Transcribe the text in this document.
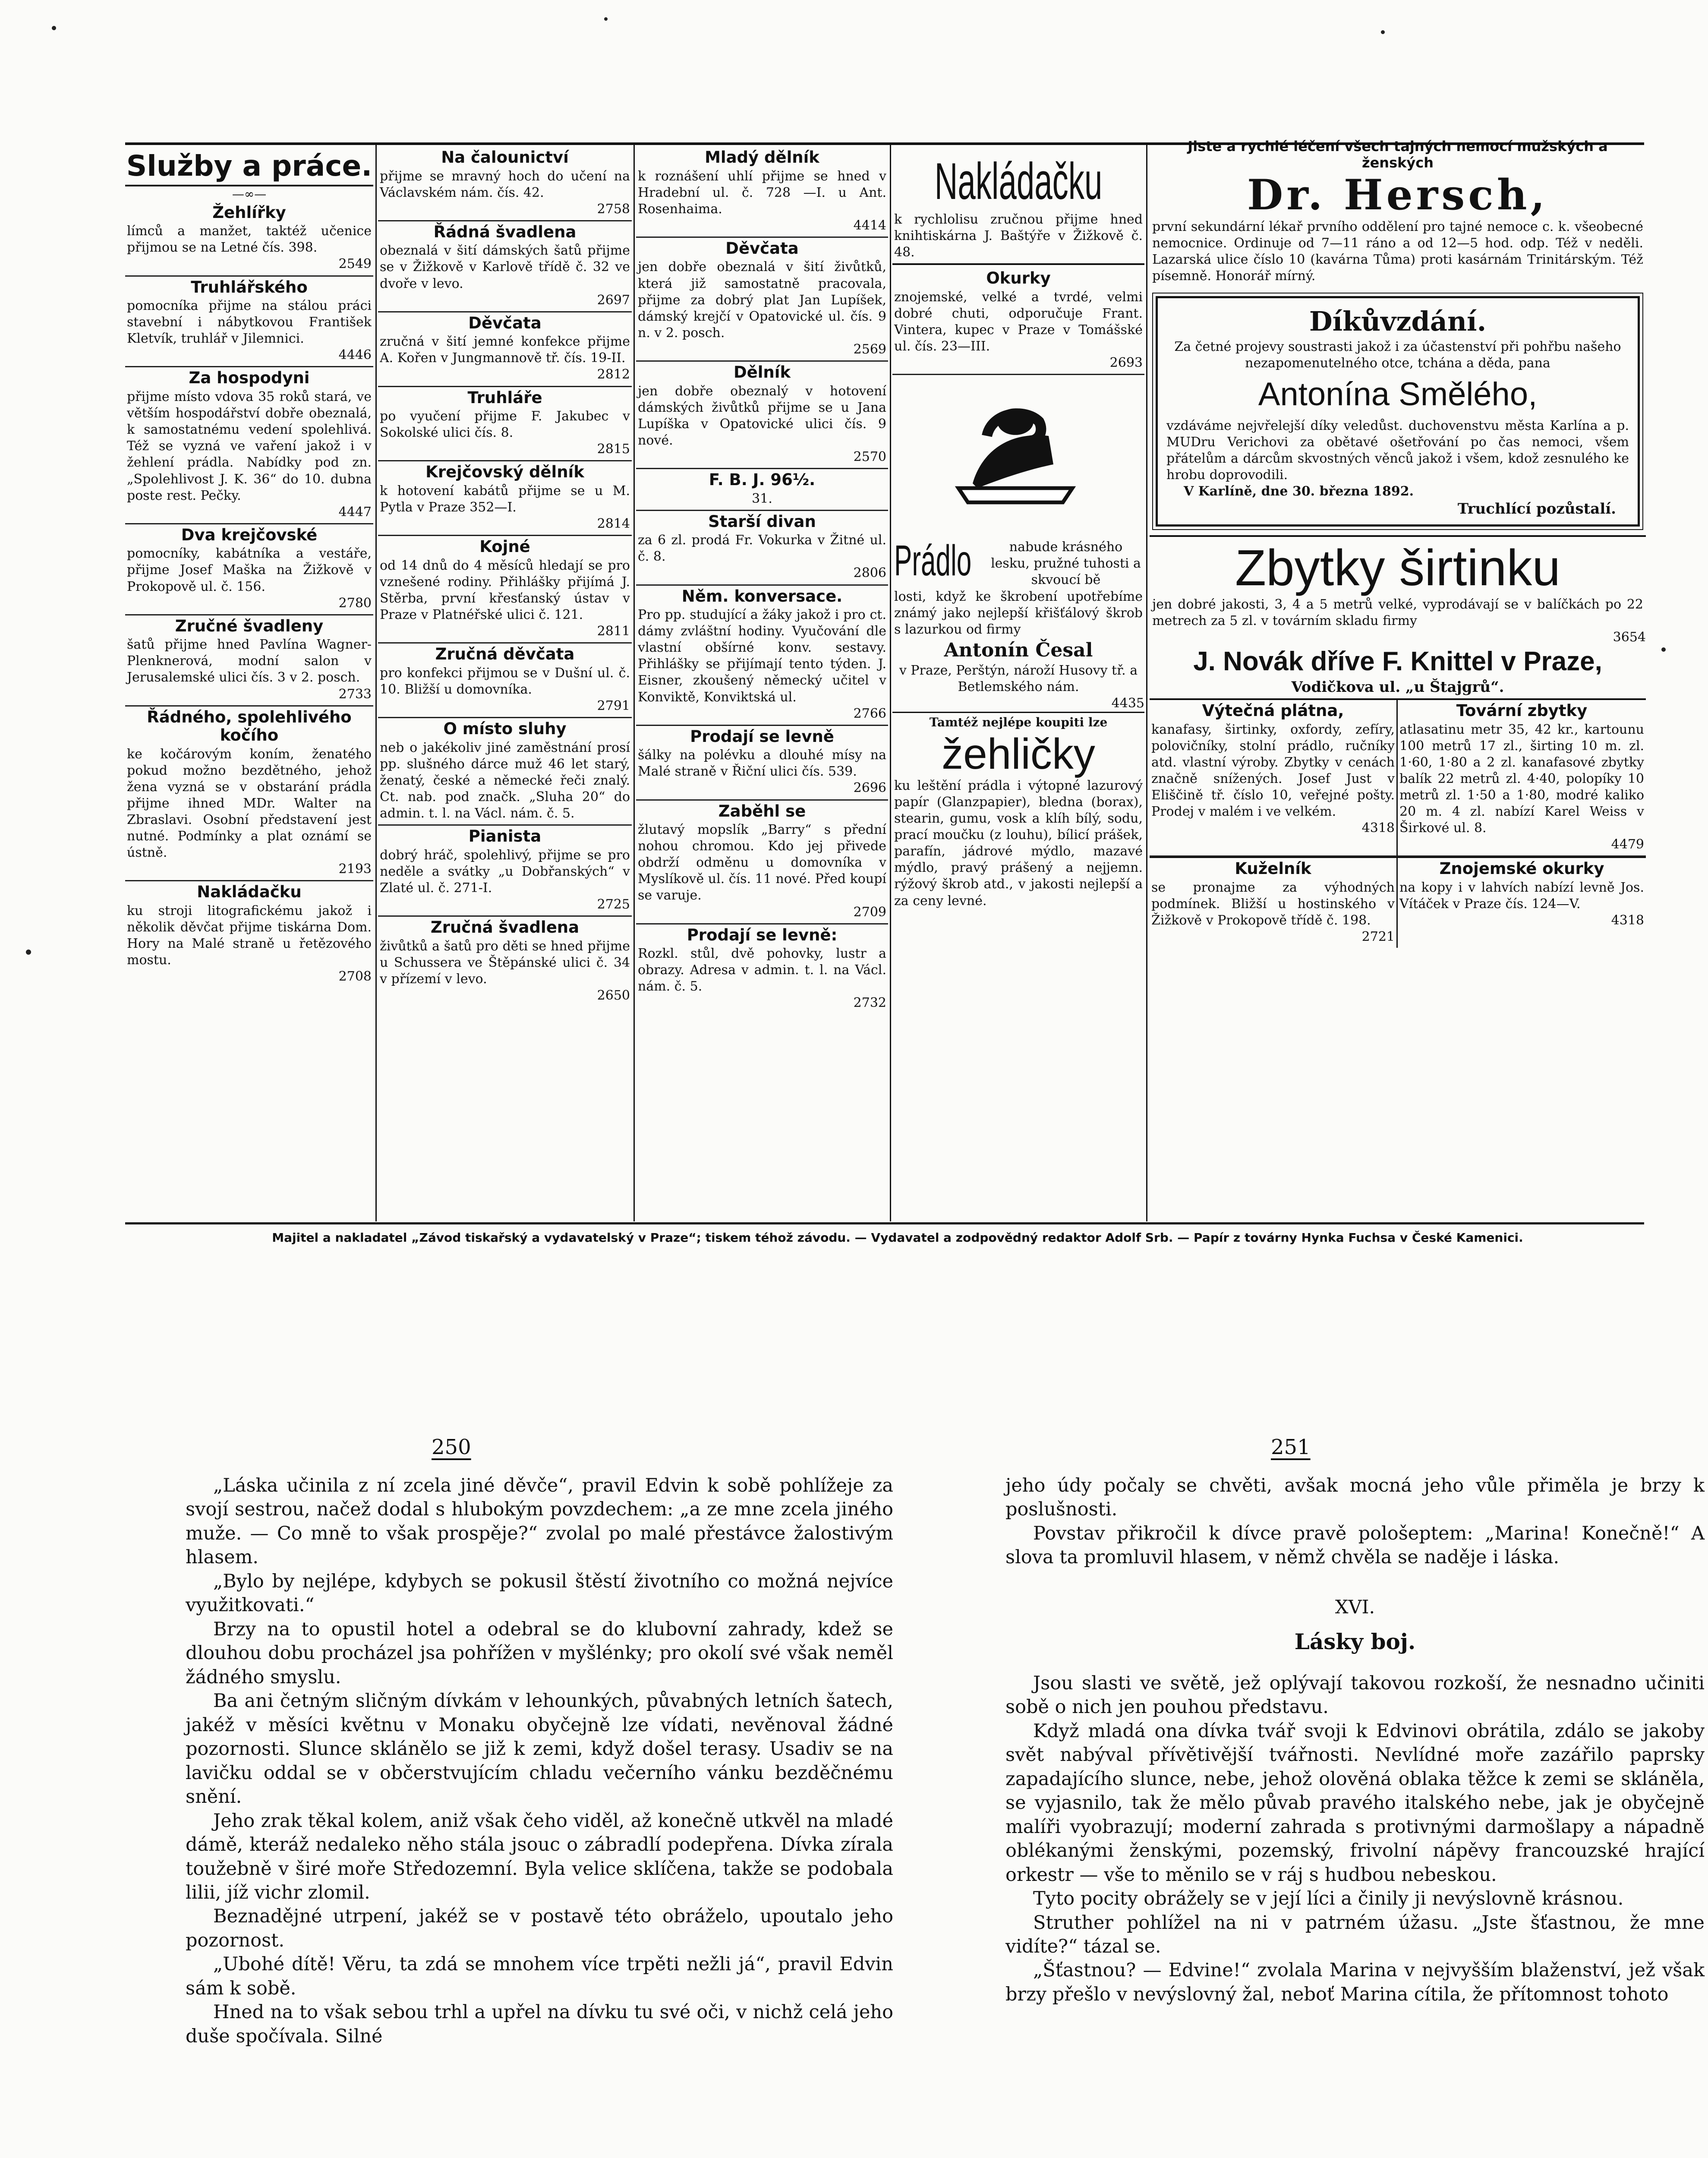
Služby a práce.
—∞—
Žehlířky

límců a manžet, taktéž učenice přijmou se na Letné čís. 398.

2549
Truhlářského

pomocníka přijme na stálou práci stavební i nábytkovou František Kletvík, truhlář v Jilemnici.

4446
Za hospodyni

přijme místo vdova 35 roků stará, ve větším hospodářství dobře obeznalá, k samostatnému vedení spolehlivá. Též se vyzná ve vaření jakož i v žehlení prádla. Nabídky pod zn. „Spolehlivost J. K. 36“ do 10. dubna poste rest. Pečky.

4447
Dva krejčovské

pomocníky, kabátníka a vestáře, přijme Josef Maška na Žižkově v Prokopově ul. č. 156.

2780
Zručné švadleny

šatů přijme hned Pavlína Wagner-Plenknerová, modní salon v Jerusalemské ulici čís. 3 v 2. posch.

2733
Řádného, spolehlivého kočího

ke kočárovým koním, ženatého pokud možno bezdětného, jehož žena vyzná se v obstarání prádla přijme ihned MDr. Walter na Zbraslavi. Osobní představení jest nutné. Podmínky a plat oznámí se ústně.

2193
Nakládačku

ku stroji litografickému jakož i několik děvčat přijme tiskárna Dom. Hory na Malé straně u řetězového mostu.

2708
Na čalounictví

přijme se mravný hoch do učení na Václavském nám. čís. 42.

2758
Řádná švadlena

obeznalá v šití dámských šatů přijme se v Žižkově v Karlově třídě č. 32 ve dvoře v levo.

2697
Děvčata

zručná v šití jemné konfekce přijme A. Kořen v Jungmannově tř. čís. 19-II.

2812
Truhláře

po vyučení přijme F. Jakubec v Sokolské ulici čís. 8.

2815
Krejčovský dělník

k hotovení kabátů přijme se u M. Pytla v Praze 352—I.

2814
Kojné

od 14 dnů do 4 měsíců hledají se pro vznešené rodiny. Přihlášky přijímá J. Stěrba, první křesťanský ústav v Praze v Platnéřské ulici č. 121.

2811
Zručná děvčata

pro konfekci přijmou se v Dušní ul. č. 10. Bližší u domovníka.

2791
O místo sluhy

neb o jakékoliv jiné zaměstnání prosí pp. slušného dárce muž 46 let starý, ženatý, české a německé řeči znalý. Ct. nab. pod značk. „Sluha 20“ do admin. t. l. na Václ. nám. č. 5.

Pianista

dobrý hráč, spolehlivý, přijme se pro neděle a svátky „u Dobřanských“ v Zlaté ul. č. 271-I.

2725
Zručná švadlena

živůtků a šatů pro děti se hned přijme u Schussera ve Štěpánské ulici č. 34 v přízemí v levo.

2650
Mladý dělník

k roznášení uhlí přijme se hned v Hradební ul. č. 728 —I. u Ant. Rosenhaima.

4414
Děvčata

jen dobře obeznalá v šití živůtků, která již samostatně pracovala, přijme za dobrý plat Jan Lupíšek, dámský krejčí v Opatovické ul. čís. 9 n. v 2. posch.

2569
Dělník

jen dobře obeznalý v hotovení dámských živůtků přijme se u Jana Lupíška v Opatovické ulici čís. 9 nové.

2570
F. B. J. 96½.

31.

Starší divan

za 6 zl. prodá Fr. Vokurka v Žitné ul. č. 8.

2806
Něm. konversace.

Pro pp. studující a žáky jakož i pro ct. dámy zvláštní hodiny. Vyučování dle vlastní obšírné konv. sestavy. Přihlášky se přijímají tento týden. J. Eisner, zkoušený německý učitel v Konviktě, Konviktská ul.

2766
Prodají se levně

šálky na polévku a dlouhé mísy na Malé straně v Řiční ulici čís. 539.

2696
Zaběhl se

žlutavý mopslík „Barry“ s přední nohou chromou. Kdo jej přivede obdrží odměnu u domovníka v Myslíkově ul. čís. 11 nové. Před koupí se varuje.

2709
Prodají se levně:

Rozkl. stůl, dvě pohovky, lustr a obrazy. Adresa v admin. t. l. na Václ. nám. č. 5.

2732
Nakládačku

k rychlolisu zručnou přijme hned knihtiskárna J. Baštýře v Žižkově č. 48.

Okurky

znojemské, velké a tvrdé, velmi dobré chuti, odporučuje Frant. Vintera, kupec v Praze v Tomášské ul. čís. 23—III.

2693
Prádlo	nabude krásného lesku, pružné tuhosti a skvoucí bě

losti, když ke škrobení upotřebíme známý jako nejlepší křišťálový škrob s lazurkou od firmy

Antonín Česal

v Praze, Perštýn, nároží Husovy tř. a Betlemského nám.

4435

Tamtéž nejlépe koupiti lze

žehličky

ku leštění prádla i výtopné lazurový papír (Glanzpapier), bledna (borax), stearin, gumu, vosk a klíh bílý, sodu, prací moučku (z louhu), bílicí prášek, parafín, jádrové mýdlo, mazavé mýdlo, pravý prášený a nejjemn. rýžový škrob atd., v jakosti nejlepší a za ceny levné.

Jiste a rychlé léčení všech tajných nemocí mužských a ženských
Dr. Hersch,

první sekundární lékař prvního oddělení pro tajné nemoce c. k. všeobecné nemocnice. Ordinuje od 7—11 ráno a od 12—5 hod. odp. Též v neděli. Lazarská ulice číslo 10 (kavárna Tůma) proti kasárnám Trinitárským. Též písemně. Honorář mírný.

Díkůvzdání.

Za četné projevy soustrasti jakož i za účastenství při pohřbu našeho nezapomenutelného otce, tchána a děda, pana

Antonína Smělého,

vzdáváme nejvřelejší díky veledůst. duchovenstvu města Karlína a p. MUDru Verichovi za obětavé ošetřování po čas nemoci, všem přátelům a dárcům skvostných věnců jakož i všem, kdož zesnulého ke hrobu doprovodili.

V Karlíně, dne 30. března 1892.

Truchlící pozůstalí.

Zbytky širtinku

jen dobré jakosti, 3, 4 a 5 metrů velké, vyprodávají se v balíčkách po 22 metrech za 5 zl. v továrním skladu firmy

3654
J. Novák dříve F. Knittel v Praze,
Vodičkova ul. „u Štajgrů“.
Výtečná plátna,

kanafasy, širtinky, oxfordy, zefíry, polovičníky, stolní prádlo, ručníky atd. vlastní výroby. Zbytky v cenách značně snížených. Josef Just v Eliščině tř. číslo 10, veřejné pošty. Prodej v malém i ve velkém.

4318
Tovární zbytky

atlasatinu metr 35, 42 kr., kartounu 100 metrů 17 zl., širting 10 m. zl. 1·60, 1·80 a 2 zl. kanafasové zbytky balík 22 metrů zl. 4·40, polopíky 10 metrů zl. 1·50 a 1·80, modré kaliko 20 m. 4 zl. nabízí Karel Weiss v Širkové ul. 8.

4479
Kuželník

se pronajme za výhodných podmínek. Bližší u hostinského v Žižkově v Prokopově třídě č. 198.

2721
Znojemské okurky

na kopy i v lahvích nabízí levně Jos. Vítáček v Praze čís. 124—V.

4318
Majitel a nakladatel „Závod tiskařský a vydavatelský v Praze“; tiskem téhož závodu. — Vydavatel a zodpovědný redaktor Adolf Srb. — Papír z továrny Hynka Fuchsa v České Kamenici.
250	251

„Láska učinila z ní zcela jiné děvče“, pravil Edvin k sobě pohlížeje za svojí sestrou, načež dodal s hlubokým povzdechem: „a ze mne zcela jiného muže. — Co mně to však prospěje?“ zvolal po malé přestávce žalostivým hlasem.

„Bylo by nejlépe, kdybych se pokusil štěstí životního co možná nejvíce využitkovati.“

Brzy na to opustil hotel a odebral se do klubovní zahrady, kdež se dlouhou dobu procházel jsa pohřížen v myšlénky; pro okolí své však neměl žádného smyslu.

Ba ani četným sličným dívkám v lehounkých, půvabných letních šatech, jakéž v měsíci květnu v Monaku obyčejně lze vídati, nevěnoval žádné pozornosti. Slunce sklánělo se již k zemi, když došel terasy. Usadiv se na lavičku oddal se v občerstvujícím chladu večerního vánku bezděčnému snění.

Jeho zrak těkal kolem, aniž však čeho viděl, až konečně utkvěl na mladé dámě, kteráž nedaleko něho stála jsouc o zábradlí podepřena. Dívka zírala toužebně v širé moře Středozemní. Byla velice sklíčena, takže se podobala lilii, jíž vichr zlomil.

Beznadějné utrpení, jakéž se v postavě této obráželo, upoutalo jeho pozornost.

„Ubohé dítě! Věru, ta zdá se mnohem více trpěti nežli já“, pravil Edvin sám k sobě.

Hned na to však sebou trhl a upřel na dívku tu své oči, v nichž celá jeho duše spočívala. Silné

jeho údy počaly se chvěti, avšak mocná jeho vůle přiměla je brzy k poslušnosti.

Povstav přikročil k dívce pravě pološeptem: „Marina! Konečně!“ A slova ta promluvil hlasem, v němž chvěla se naděje i láska.

XVI.
Lásky boj.

Jsou slasti ve světě, jež oplývají takovou rozkoší, že nesnadno učiniti sobě o nich jen pouhou představu.

Když mladá ona dívka tvář svoji k Edvinovi obrátila, zdálo se jakoby svět nabýval přívětivější tvářnosti. Nevlídné moře zazářilo paprsky zapadajícího slunce, nebe, jehož olověná oblaka těžce k zemi se skláněla, se vyjasnilo, tak že mělo půvab pravého italského nebe, jak je obyčejně malíři vyobrazují; moderní zahrada s protivnými darmošlapy a nápadně oblékanými ženskými, pozemský, frivolní nápěvy francouzské hrající orkestr — vše to měnilo se v ráj s hudbou nebeskou.

Tyto pocity obrážely se v její líci a činily ji nevýslovně krásnou.

Struther pohlížel na ni v patrném úžasu. „Jste šťastnou, že mne vidíte?“ tázal se.

„Šťastnou? — Edvine!“ zvolala Marina v nejvyšším blaženství, jež však brzy přešlo v nevýslovný žal, neboť Marina cítila, že přítomnost tohoto
